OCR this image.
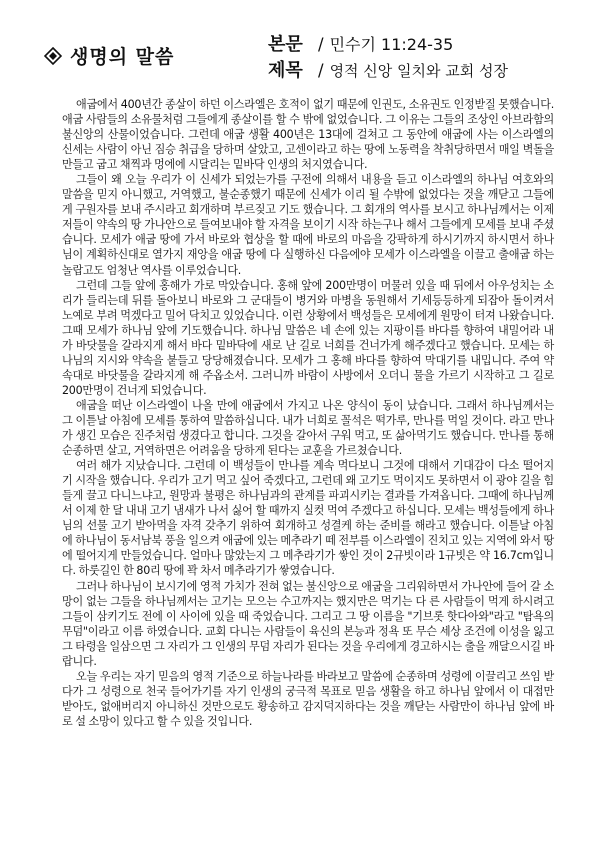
생명의 말씀
본문 / 민수기 11:24-35
제목 / 영적 신앙 일치와 교회 성장

애굽에서 400년간 종살이 하던 이스라엘은 호적이 없기 때문에 인권도, 소유권도 인정받질 못했습니다. 애굽 사람들의 소유물처럼 그들에게 종살이를 할 수 밖에 없었습니다. 그 이유는 그들의 조상인 아브라함의 불신앙의 산물이었습니다. 그런데 애굽 생활 400년은 13대에 걸쳐고 그 동안에 애굽에 사는 이스라엘의 신세는 사람이 아닌 짐승 취급을 당하며 살았고, 고센이라고 하는 땅에 노동력을 착취당하면서 매일 벽돌을 만들고 굽고 채찍과 멍에에 시달리는 밑바닥 인생의 처지였습니다.

그들이 왜 오늘 우리가 이 신세가 되었는가를 구전에 의해서 내용을 듣고 이스라엘의 하나님 여호와의 말씀을 믿지 아니했고, 거역했고, 불순종했기 때문에 신세가 이리 될 수밖에 없었다는 것을 깨닫고 그들에게 구원자를 보내 주시라고 회개하며 부르짖고 기도 했습니다. 그 회개의 역사를 보시고 하나님께서는 이제 저들이 약속의 땅 가나안으로 들여보내야 할 자격을 보이기 시작 하는구나 해서 그들에게 모세를 보내 주셨습니다. 모세가 애굽 땅에 가서 바로와 협상을 할 때에 바로의 마음을 강팍하게 하시기까지 하시면서 하나님이 계획하신대로 열가지 재앙을 애굽 땅에 다 실행하신 다음에야 모세가 이스라엘을 이끌고 출애굽 하는 놀랍고도 엄청난 역사를 이루었습니다.

그런데 그들 앞에 홍해가 가로 막았습니다. 홍해 앞에 200만명이 머물러 있을 때 뒤에서 아우성치는 소리가 들리는데 뒤를 돌아보니 바로와 그 군대들이 병거와 마병을 동원해서 기세등등하게 되잡아 돌이켜서 노예로 부려 먹겠다고 밀어 닥치고 있었습니다. 이런 상황에서 백성들은 모세에게 원망이 터져 나왔습니다. 그때 모세가 하나님 앞에 기도했습니다. 하나님 말씀은 네 손에 있는 지팡이를 바다를 향하여 내밀어라 내가 바닷물을 갈라지게 해서 바다 밑바닥에 새로 난 길로 너희를 건너가게 해주겠다고 했습니다. 모세는 하나님의 지시와 약속을 붙들고 당당해졌습니다. 모세가 그 홍해 바다를 향하여 막대기를 내밉니다. 주여 약속대로 바닷물을 갈라지게 해 주옵소서. 그러니까 바람이 사방에서 오더니 물을 가르기 시작하고 그 길로 200만명이 건너게 되었습니다.

애굽을 떠난 이스라엘이 나올 만에 애굽에서 가지고 나온 양식이 동이 났습니다. 그래서 하나님께서는 그 이튿날 아침에 모세를 통하여 말씀하십니다. 내가 너희로 꼴석은 떡가루, 만나를 먹일 것이다. 라고 만나가 생긴 모습은 진주처럼 생겼다고 합니다. 그것을 갈아서 구워 먹고, 또 삶아먹기도 했습니다. 만나를 통해 순종하면 살고, 거역하면은 어려움을 당하게 된다는 교훈을 가르쳤습니다.

여러 해가 지났습니다. 그런데 이 백성들이 만나를 계속 먹다보니 그것에 대해서 기대감이 다소 떨어지기 시작을 했습니다. 우리가 고기 먹고 싶어 죽겠다고, 그런데 왜 고기도 먹이지도 못하면서 이 광야 길을 힘들게 끌고 다니느냐고, 원망과 불평은 하나님과의 관계를 파괴시키는 결과를 가져옵니다. 그때에 하나님께서 이제 한 달 내내 고기 냄새가 나서 싫어 할 때까지 실컷 먹여 주겠다고 하십니다. 모세는 백성들에게 하나님의 선물 고기 받아먹을 자격 갖추기 위하여 회개하고 성결케 하는 준비를 해라고 했습니다. 이튿날 아침에 하나님이 동서남북 풍을 일으켜 애굽에 있는 메추라기 떼 전부를 이스라엘이 진치고 있는 지역에 와서 땅에 떨어지게 만들었습니다. 얼마나 많았는지 그 메추라기가 쌓인 것이 2규빗이라 1규빗은 약 16.7cm입니다. 하룻길인 한 80리 땅에 꽉 차서 메추라기가 쌓였습니다.

그러나 하나님이 보시기에 영적 가치가 전혀 없는 불신앙으로 애굽을 그리워하면서 가나안에 들어 갈 소망이 없는 그들을 하나님께서는 고기는 모으는 수고까지는 했지만은 먹기는 다 른 사람들이 먹게 하시려고 그들이 삼키기도 전에 이 사이에 있을 때 죽었습니다. 그리고 그 땅 이름을 "기브롯 핫다아와"라고 "탐욕의 무덤"이라고 이름 하였습니다. 교회 다니는 사람들이 육신의 본능과 정욕 또 무슨 세상 조건에 이성을 잃고 그 타령을 일삼으면 그 자리가 그 인생의 무덤 자리가 된다는 것을 우리에게 경고하시는 출을 깨달으시길 바랍니다.

오늘 우리는 자기 믿음의 영적 기준으로 하늘나라를 바라보고 말씀에 순종하며 성령에 이끌리고 쓰임 받다가 그 성령으로 천국 들어가기를 자기 인생의 궁극적 목표로 믿음 생활을 하고 하나님 앞에서 이 대접만 받아도, 없애버리지 아니하신 것만으로도 황송하고 감지덕지하다는 것을 깨닫는 사람만이 하나님 앞에 바로 설 소망이 있다고 할 수 있을 것입니다.
